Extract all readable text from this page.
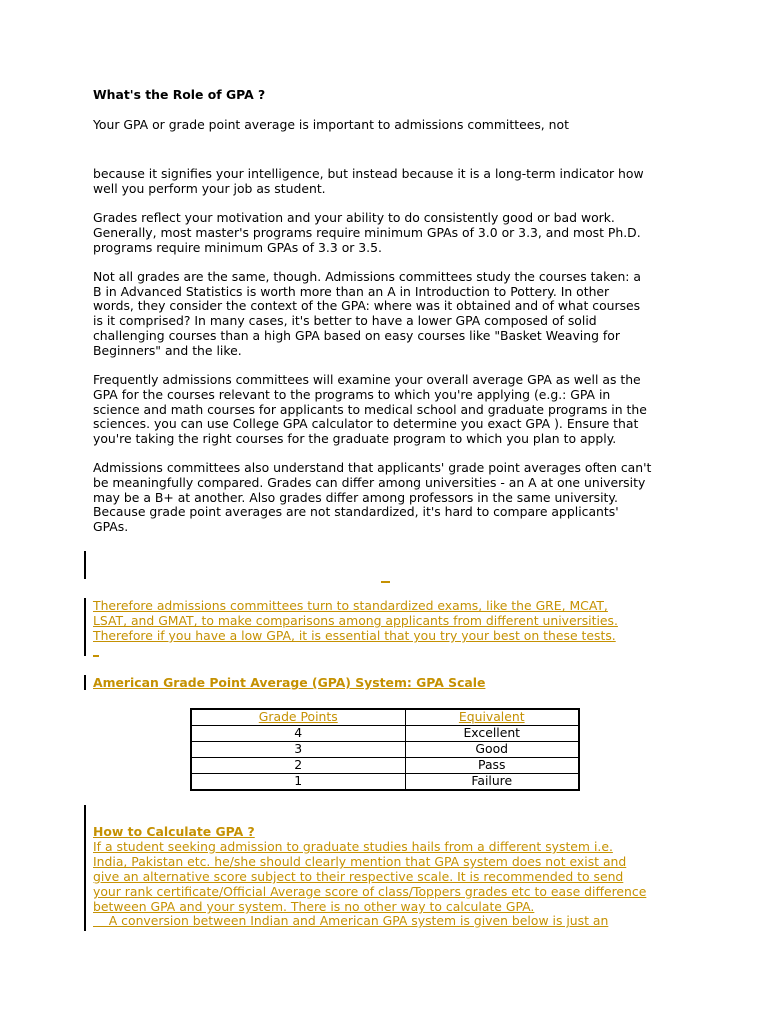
What's the Role of GPA ?

Your GPA or grade point average is important to admissions committees, not

because it signifies your intelligence, but instead because it is a long-term indicator how

well you perform your job as student.

Grades reflect your motivation and your ability to do consistently good or bad work.

Generally, most master's programs require minimum GPAs of 3.0 or 3.3, and most Ph.D.

programs require minimum GPAs of 3.3 or 3.5.

Not all grades are the same, though. Admissions committees study the courses taken: a

B in Advanced Statistics is worth more than an A in Introduction to Pottery. In other

words, they consider the context of the GPA: where was it obtained and of what courses

is it comprised? In many cases, it's better to have a lower GPA composed of solid

challenging courses than a high GPA based on easy courses like "Basket Weaving for

Beginners" and the like.

Frequently admissions committees will examine your overall average GPA as well as the

GPA for the courses relevant to the programs to which you're applying (e.g.: GPA in

science and math courses for applicants to medical school and graduate programs in the

sciences. you can use College GPA calculator to determine you exact GPA ). Ensure that

you're taking the right courses for the graduate program to which you plan to apply.

Admissions committees also understand that applicants' grade point averages often can't

be meaningfully compared. Grades can differ among universities - an A at one university

may be a B+ at another. Also grades differ among professors in the same university.

Because grade point averages are not standardized, it's hard to compare applicants'

GPAs.

Therefore admissions committees turn to standardized exams, like the GRE, MCAT,

LSAT, and GMAT, to make comparisons among applicants from different universities.

Therefore if you have a low GPA, it is essential that you try your best on these tests.

American Grade Point Average (GPA) System: GPA Scale

Grade Points	Equivalent
4	Excellent
3	Good
2	Pass
1	Failure

How to Calculate GPA ?

If a student seeking admission to graduate studies hails from a different system i.e.

India, Pakistan etc. he/she should clearly mention that GPA system does not exist and

give an alternative score subject to their respective scale. It is recommended to send

your rank certificate/Official Average score of class/Toppers grades etc to ease difference

between GPA and your system. There is no other way to calculate GPA.

A conversion between Indian and American GPA system is given below is just an
